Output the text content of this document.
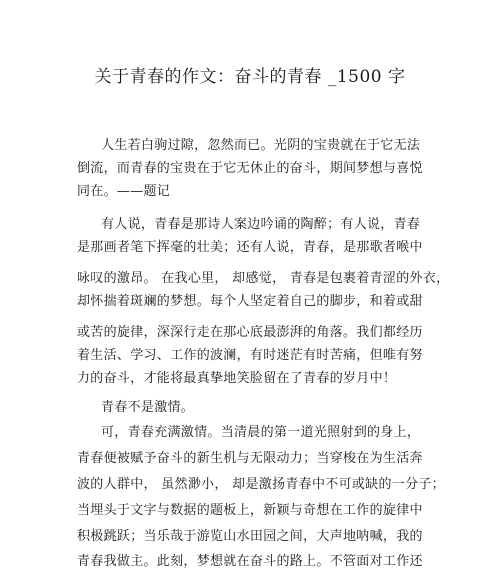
关于青春的作文：奋斗的青春 _1500 字
人生若白驹过隙，忽然而已。光阴的宝贵就在于它无法
倒流，而青春的宝贵在于它无休止的奋斗，期间梦想与喜悦
同在。——题记
有人说，青春是那诗人案边吟诵的陶醉；有人说，青春
是那画者笔下挥毫的壮美；还有人说，青春，是那歌者喉中
咏叹的激昂。 在我心里， 却感觉， 青春是包裹着青涩的外衣，
却怀揣着斑斓的梦想。每个人坚定着自己的脚步，和着或甜
或苦的旋律，深深行走在那心底最澎湃的角落。我们都经历
着生活、学习、工作的波澜，有时迷茫有时苦痛，但唯有努
力的奋斗，才能将最真挚地笑脸留在了青春的岁月中！
青春不是激情。
可，青春充满激情。当清晨的第一道光照射到的身上，
青春便被赋予奋斗的新生机与无限动力；当穿梭在为生活奔
波的人群中， 虽然渺小， 却是激扬青春中不可或缺的一分子；
当埋头于文字与数据的题板上，新颖与奇想在工作的旋律中
积极跳跃；当乐哉于游览山水田园之间，大声地呐喊，我的
青春我做主。此刻，梦想就在奋斗的路上。不管面对工作还
